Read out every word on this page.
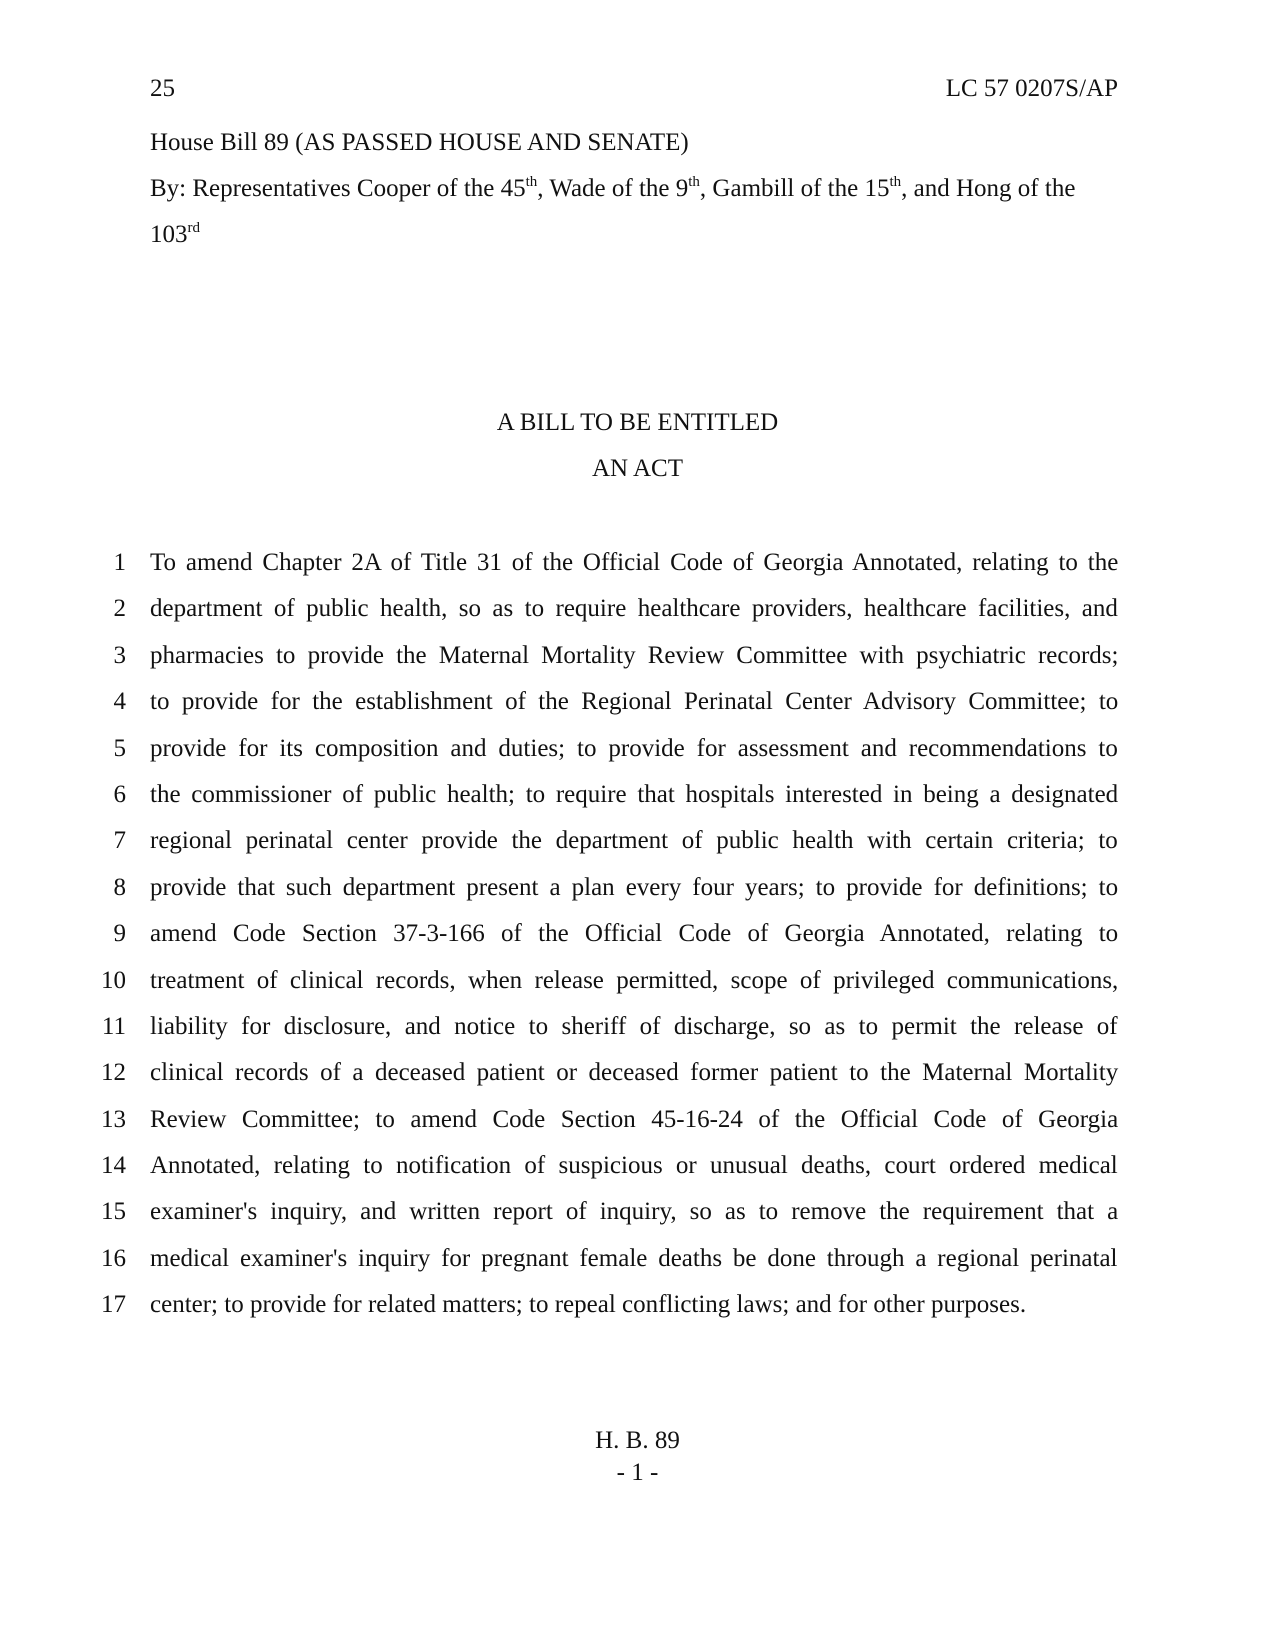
25	LC 57 0207S/AP
House Bill 89 (AS PASSED HOUSE AND SENATE)
By: Representatives Cooper of the 45th, Wade of the 9th, Gambill of the 15th, and Hong of the
103rd
A BILL TO BE ENTITLED
AN ACT
1 To amend Chapter 2A of Title 31 of the Official Code of Georgia Annotated, relating to the
2 department of public health, so as to require healthcare providers, healthcare facilities, and
3 pharmacies to provide the Maternal Mortality Review Committee with psychiatric records;
4 to provide for the establishment of the Regional Perinatal Center Advisory Committee; to
5 provide for its composition and duties; to provide for assessment and recommendations to
6 the commissioner of public health; to require that hospitals interested in being a designated
7 regional perinatal center provide the department of public health with certain criteria; to
8 provide that such department present a plan every four years; to provide for definitions; to
9 amend Code Section 37-3-166 of the Official Code of Georgia Annotated, relating to
10 treatment of clinical records, when release permitted, scope of privileged communications,
11 liability for disclosure, and notice to sheriff of discharge, so as to permit the release of
12 clinical records of a deceased patient or deceased former patient to the Maternal Mortality
13 Review Committee; to amend Code Section 45-16-24 of the Official Code of Georgia
14 Annotated, relating to notification of suspicious or unusual deaths, court ordered medical
15 examiner's inquiry, and written report of inquiry, so as to remove the requirement that a
16 medical examiner's inquiry for pregnant female deaths be done through a regional perinatal
17 center; to provide for related matters; to repeal conflicting laws; and for other purposes.
H. B. 89
- 1 -
